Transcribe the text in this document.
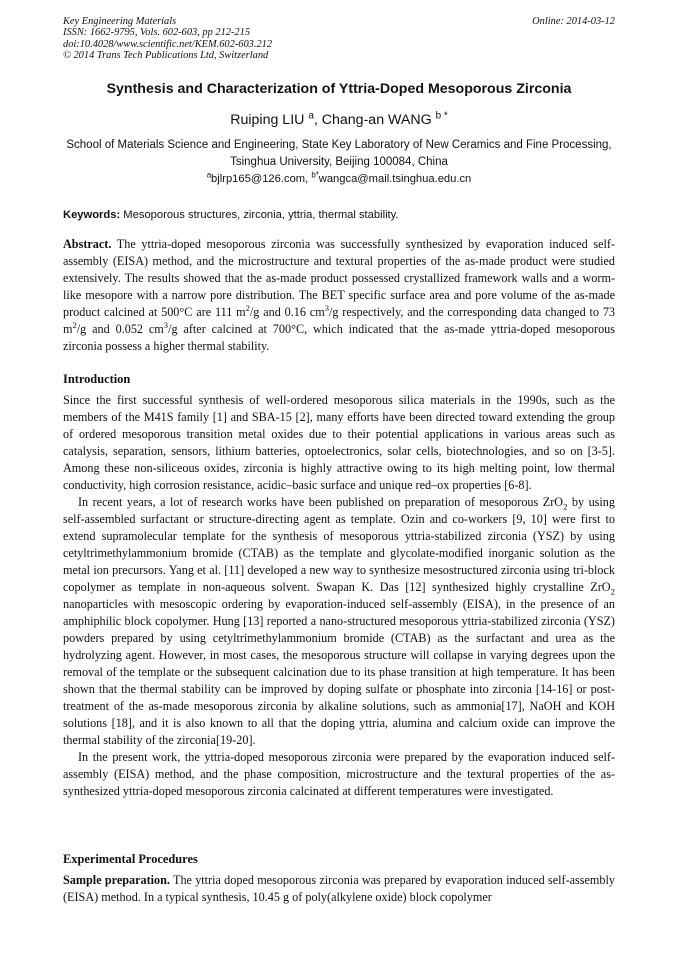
Key Engineering Materials
ISSN: 1662-9795, Vols. 602-603, pp 212-215
doi:10.4028/www.scientific.net/KEM.602-603.212
© 2014 Trans Tech Publications Ltd, Switzerland
Online: 2014-03-12
Synthesis and Characterization of Yttria-Doped Mesoporous Zirconia
Ruiping LIU $^a$, Chang-an WANG $^{b *}$
School of Materials Science and Engineering, State Key Laboratory of New Ceramics and Fine Processing, Tsinghua University, Beijing 100084, China
$^a$bjlrp165@126.com, $^{b*}$wangca@mail.tsinghua.edu.cn
Keywords: Mesoporous structures, zirconia, yttria, thermal stability.
Abstract. The yttria-doped mesoporous zirconia was successfully synthesized by evaporation induced self-assembly (EISA) method, and the microstructure and textural properties of the as-made product were studied extensively. The results showed that the as-made product possessed crystallized framework walls and a worm-like mesopore with a narrow pore distribution. The BET specific surface area and pore volume of the as-made product calcined at 500°C are 111 $m^2/g$ and 0.16 $cm^3/g$ respectively, and the corresponding data changed to 73 $m^2/g$ and 0.052 $cm^3/g$ after calcined at 700°C, which indicated that the as-made yttria-doped mesoporous zirconia possess a higher thermal stability.
Introduction

Since the first successful synthesis of well-ordered mesoporous silica materials in the 1990s, such as the members of the M41S family [1] and SBA-15 [2], many efforts have been directed toward extending the group of ordered mesoporous transition metal oxides due to their potential applications in various areas such as catalysis, separation, sensors, lithium batteries, optoelectronics, solar cells, biotechnologies, and so on [3-5]. Among these non-siliceous oxides, zirconia is highly attractive owing to its high melting point, low thermal conductivity, high corrosion resistance, acidic–basic surface and unique red–ox properties [6-8].

In recent years, a lot of research works have been published on preparation of mesoporous ZrO$_2$ by using self-assembled surfactant or structure-directing agent as template. Ozin and co-workers [9, 10] were first to extend supramolecular template for the synthesis of mesoporous yttria-stabilized zirconia (YSZ) by using cetyltrimethylammonium bromide (CTAB) as the template and glycolate-modified inorganic solution as the metal ion precursors. Yang et al. [11] developed a new way to synthesize mesostructured zirconia using tri-block copolymer as template in non-aqueous solvent. Swapan K. Das [12] synthesized highly crystalline ZrO$_2$ nanoparticles with mesoscopic ordering by evaporation-induced self-assembly (EISA), in the presence of an amphiphilic block copolymer. Hung [13] reported a nano-structured mesoporous yttria-stabilized zirconia (YSZ) powders prepared by using cetyltrimethylammonium bromide (CTAB) as the surfactant and urea as the hydrolyzing agent. However, in most cases, the mesoporous structure will collapse in varying degrees upon the removal of the template or the subsequent calcination due to its phase transition at high temperature. It has been shown that the thermal stability can be improved by doping sulfate or phosphate into zirconia [14-16] or post-treatment of the as-made mesoporous zirconia by alkaline solutions, such as ammonia[17], NaOH and KOH solutions [18], and it is also known to all that the doping yttria, alumina and calcium oxide can improve the thermal stability of the zirconia[19-20].

In the present work, the yttria-doped mesoporous zirconia were prepared by the evaporation induced self-assembly (EISA) method, and the phase composition, microstructure and the textural properties of the as-synthesized yttria-doped mesoporous zirconia calcinated at different temperatures were investigated.

Experimental Procedures
Sample preparation. The yttria doped mesoporous zirconia was prepared by evaporation induced self-assembly (EISA) method. In a typical synthesis, 10.45 g of poly(alkylene oxide) block copolymer
